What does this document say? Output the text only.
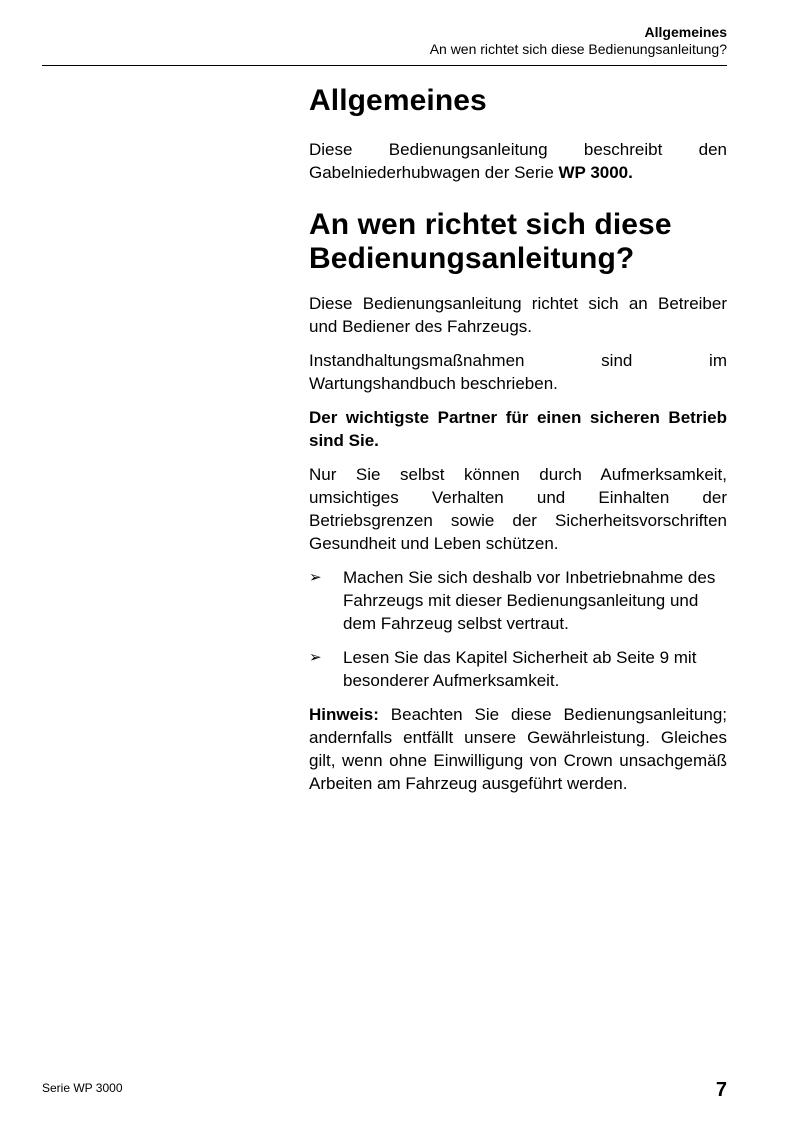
Allgemeines
An wen richtet sich diese Bedienungsanleitung?
Allgemeines

Diese Bedienungsanleitung beschreibt den Gabelniederhubwagen der Serie WP 3000.

An wen richtet sich diese Bedienungsanleitung?

Diese Bedienungsanleitung richtet sich an Betreiber und Bediener des Fahrzeugs.

Instandhaltungsmaßnahmen sind im Wartungshandbuch beschrieben.

Der wichtigste Partner für einen sicheren Betrieb sind Sie.

Nur Sie selbst können durch Aufmerksamkeit, umsichtiges Verhalten und Einhalten der Betriebsgrenzen sowie der Sicherheitsvorschriften Gesundheit und Leben schützen.

➢ Machen Sie sich deshalb vor Inbetriebnahme des Fahrzeugs mit dieser Bedienungsanleitung und dem Fahrzeug selbst vertraut.
➢ Lesen Sie das Kapitel Sicherheit ab Seite 9 mit besonderer Aufmerksamkeit.

Hinweis: Beachten Sie diese Bedienungsanleitung; andernfalls entfällt unsere Gewährleistung. Gleiches gilt, wenn ohne Einwilligung von Crown unsachgemäß Arbeiten am Fahrzeug ausgeführt werden.

Serie WP 3000	7
